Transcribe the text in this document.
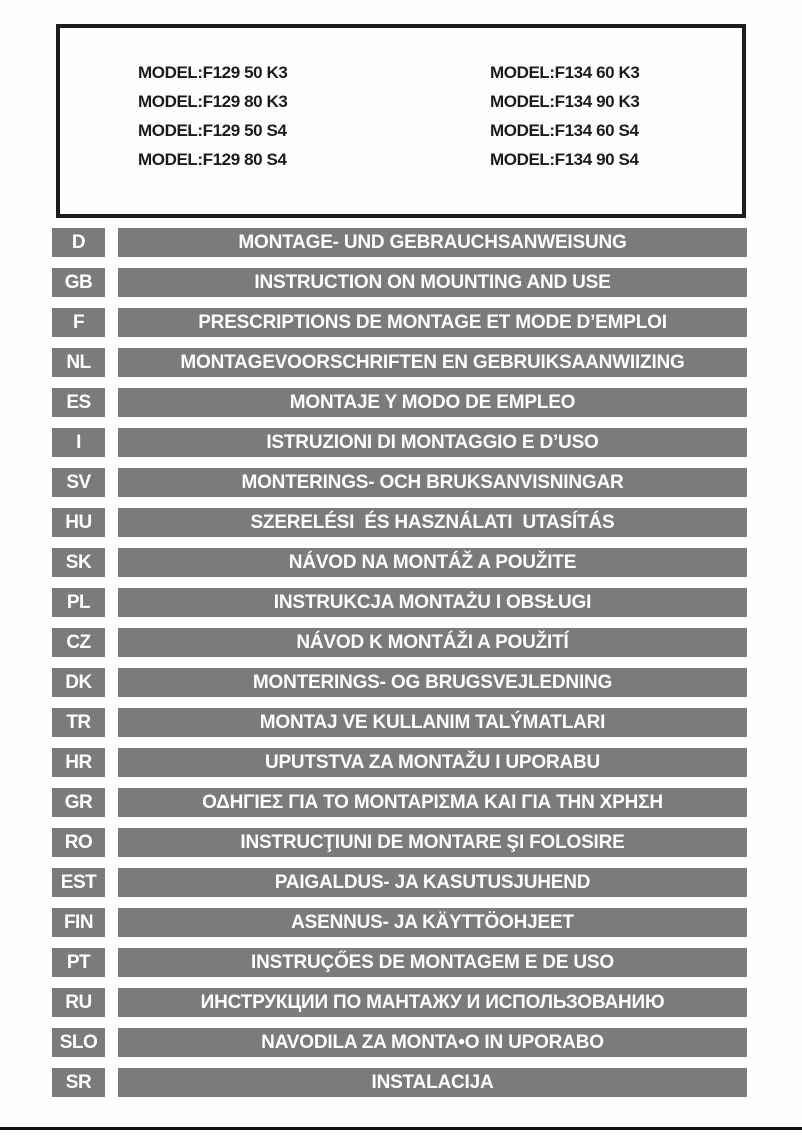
MODEL:F129 50 K3
MODEL:F129 80 K3
MODEL:F129 50 S4
MODEL:F129 80 S4
MODEL:F134 60 K3
MODEL:F134 90 K3
MODEL:F134 60 S4
MODEL:F134 90 S4
D	MONTAGE- UND GEBRAUCHSANWEISUNG
GB	INSTRUCTION ON MOUNTING AND USE
F	PRESCRIPTIONS DE MONTAGE ET MODE D’EMPLOI
NL	MONTAGEVOORSCHRIFTEN EN GEBRUIKSAANWIIZING
ES	MONTAJE Y MODO DE EMPLEO
I	ISTRUZIONI DI MONTAGGIO E D’USO
SV	MONTERINGS- OCH BRUKSANVISNINGAR
HU	SZERELÉSI  ÉS HASZNÁLATI  UTASÍTÁS
SK	NÁVOD NA MONTÁŽ A POUŽITE
PL	INSTRUKCJA MONTAŻU I OBSŁUGI
CZ	NÁVOD K MONTÁŽI A POUŽITÍ
DK	MONTERINGS- OG BRUGSVEJLEDNING
TR	MONTAJ VE KULLANIM TALÝMATLARI
HR	UPUTSTVA ZA MONTAŽU I UPORABU
GR	ΟΔΗΓΙΕΣ ΓΙΑ ΤΟ ΜΟΝΤΑΡΙΣΜΑ ΚΑΙ ΓΙΑ ΤΗΝ ΧΡΗΣΗ
RO	INSTRUCŢIUNI DE MONTARE ŞI FOLOSIRE
EST	PAIGALDUS- JA KASUTUSJUHEND
FIN	ASENNUS- JA KÄYTTÖOHJEET
PT	INSTRUÇŐES DE MONTAGEM E DE USO
RU	ИНСТРУКЦИИ ПО МАНТАЖУ И ИСПОЛЬЗОВАНИЮ
SLO	NAVODILA ZA MONTA•O IN UPORABO
SR	INSTALACIJA
